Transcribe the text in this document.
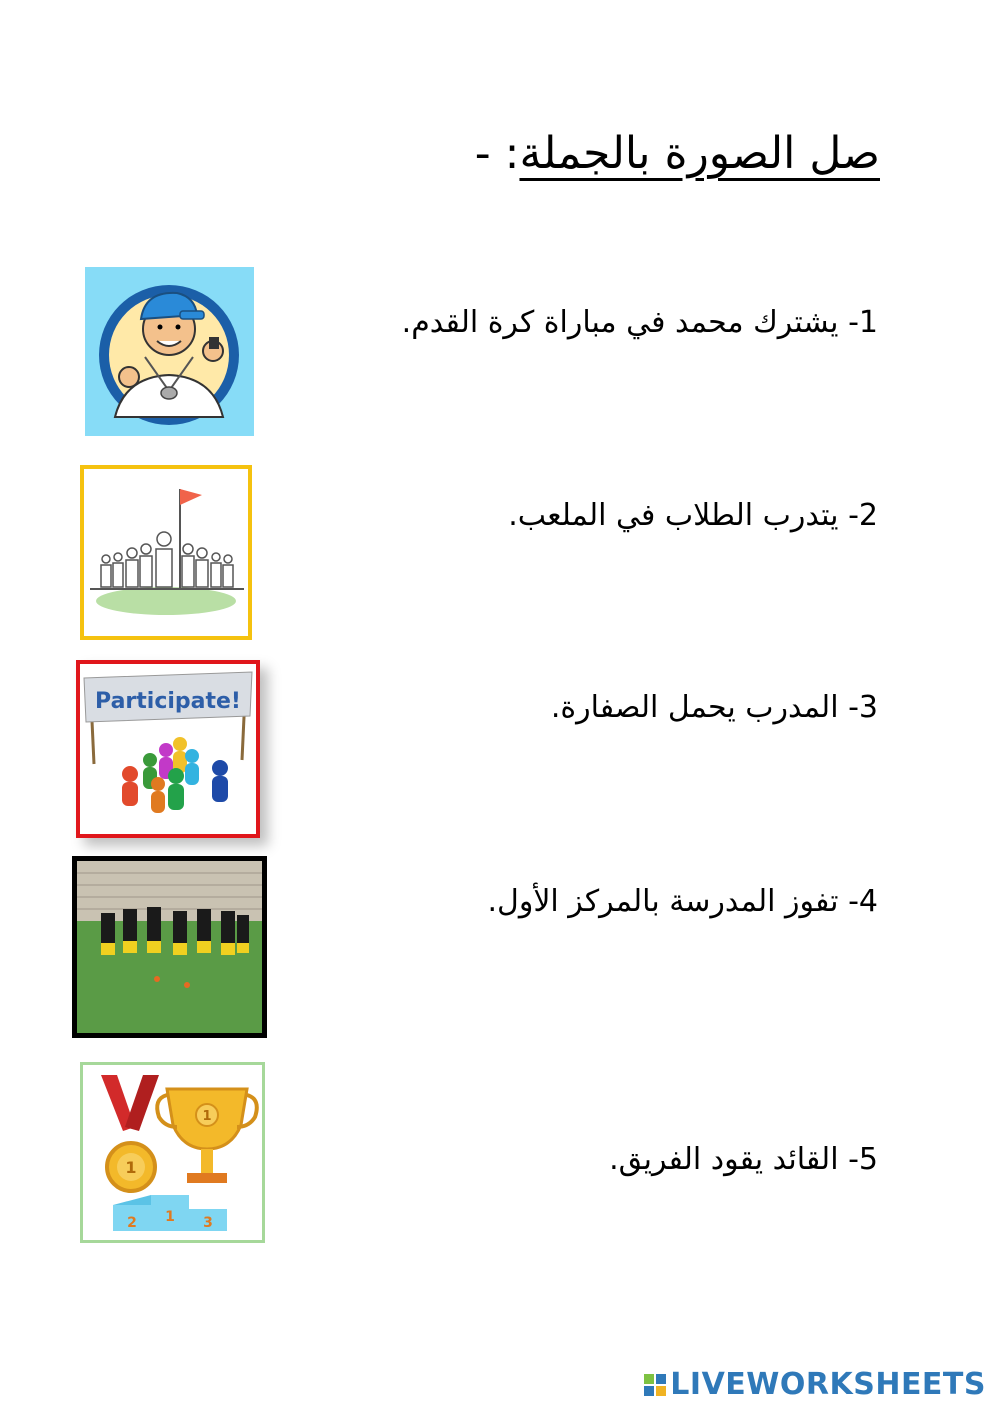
صل الصورة بالجملة: -
1- يشترك محمد في مباراة كرة القدم.
2- يتدرب الطلاب في الملعب.
3- المدرب يحمل الصفارة.
4- تفوز المدرسة بالمركز الأول.
5- القائد يقود الفريق.
Participate!
1
1
2 1 3
LIVEWORKSHEETS
